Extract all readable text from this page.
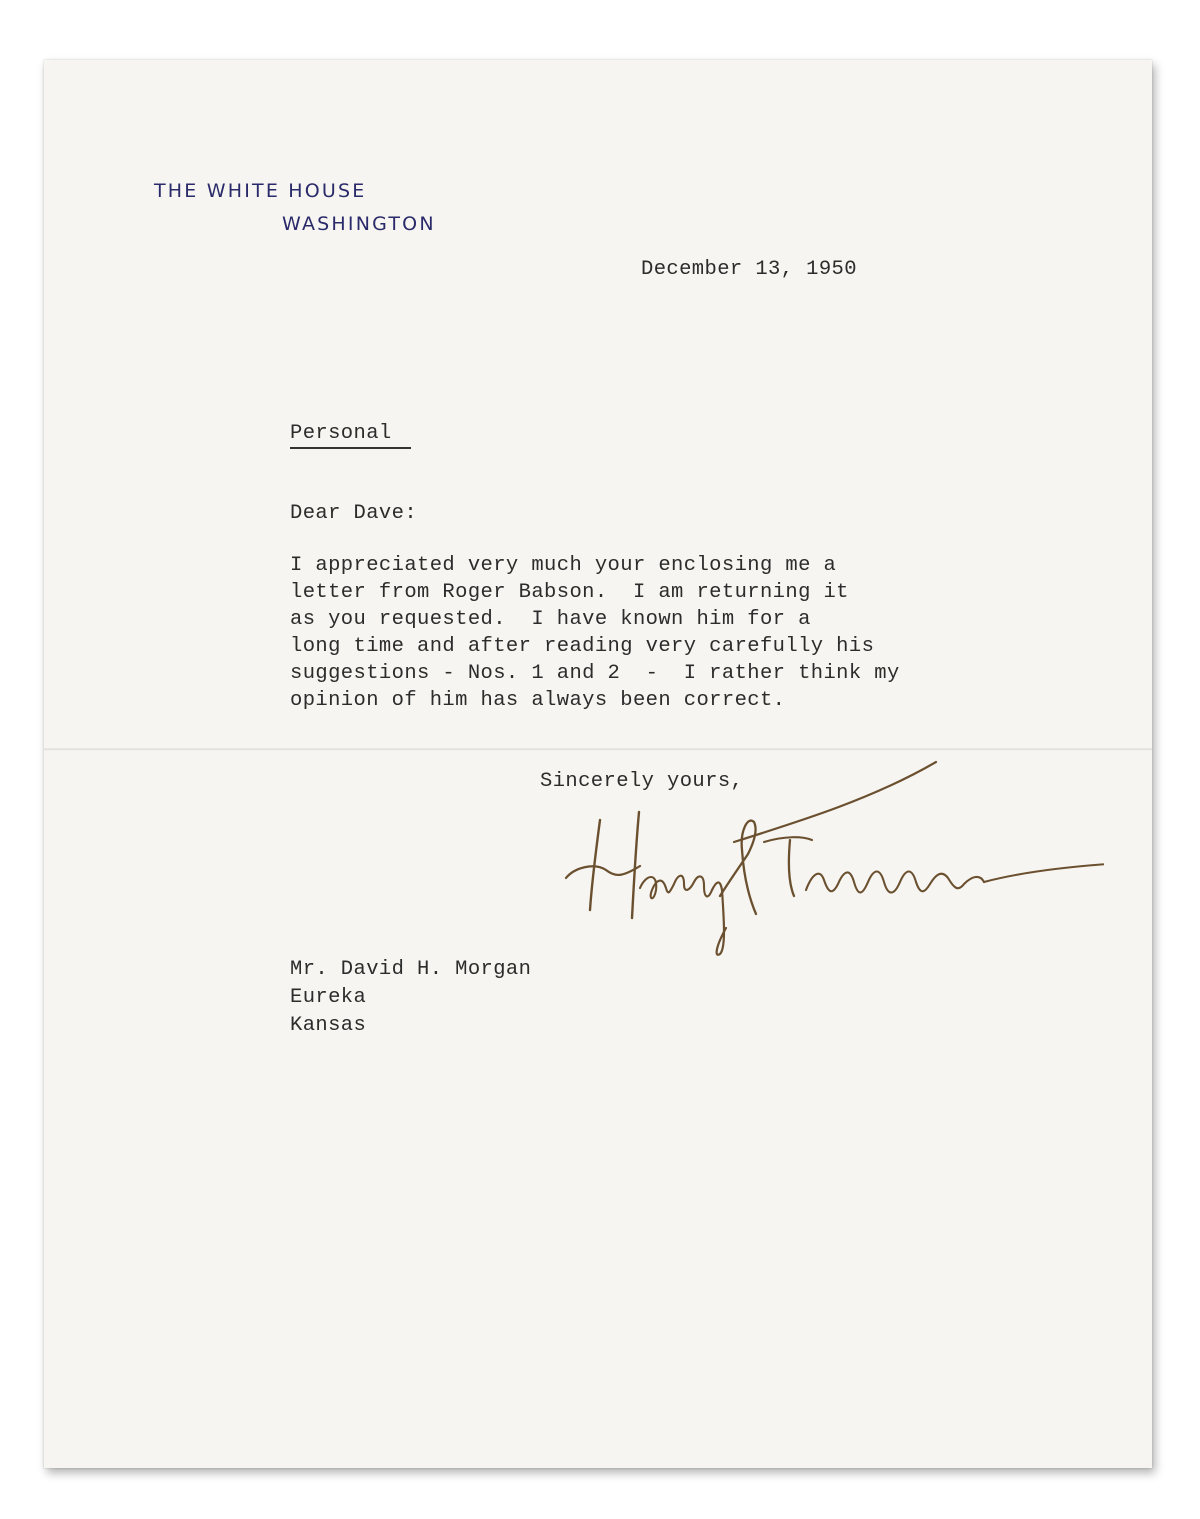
THE WHITE HOUSE
WASHINGTON
December 13, 1950
Personal
Dear Dave:
I appreciated very much your enclosing me a
letter from Roger Babson.  I am returning it
as you requested.  I have known him for a
long time and after reading very carefully his
suggestions - Nos. 1 and 2  -  I rather think my
opinion of him has always been correct.
Sincerely yours,
Mr. David H. Morgan
Eureka
Kansas
